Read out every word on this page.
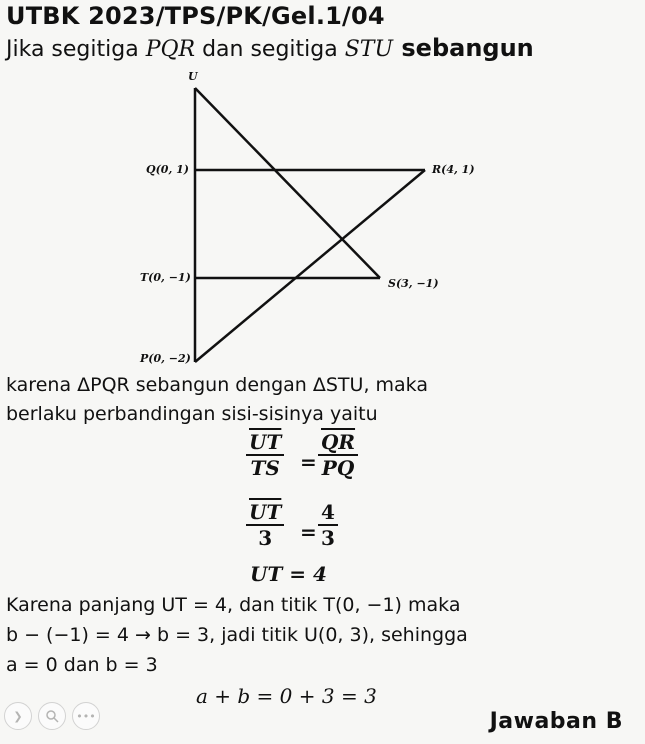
UTBK 2023/TPS/PK/Gel.1/04
Jika segitiga PQR dan segitiga STU sebangun
U
Q(0, 1)	R(4, 1)
T(0, −1)	S(3, −1)
P(0, −2)
karena ΔPQR sebangun dengan ΔSTU, maka
berlaku perbandingan sisi-sisinya yaitu
$\frac{\overline{UT}}{TS} = \frac{\overline{QR}}{PQ}$
$\frac{\overline{UT}}{3} = \frac{4}{3}$
UT = 4
Karena panjang UT = 4, dan titik T(0, −1) maka
b − (−1) = 4 → b = 3, jadi titik U(0, 3), sehingga
a = 0 dan b = 3
a + b = 0 + 3 = 3
Jawaban B
❯	•••
